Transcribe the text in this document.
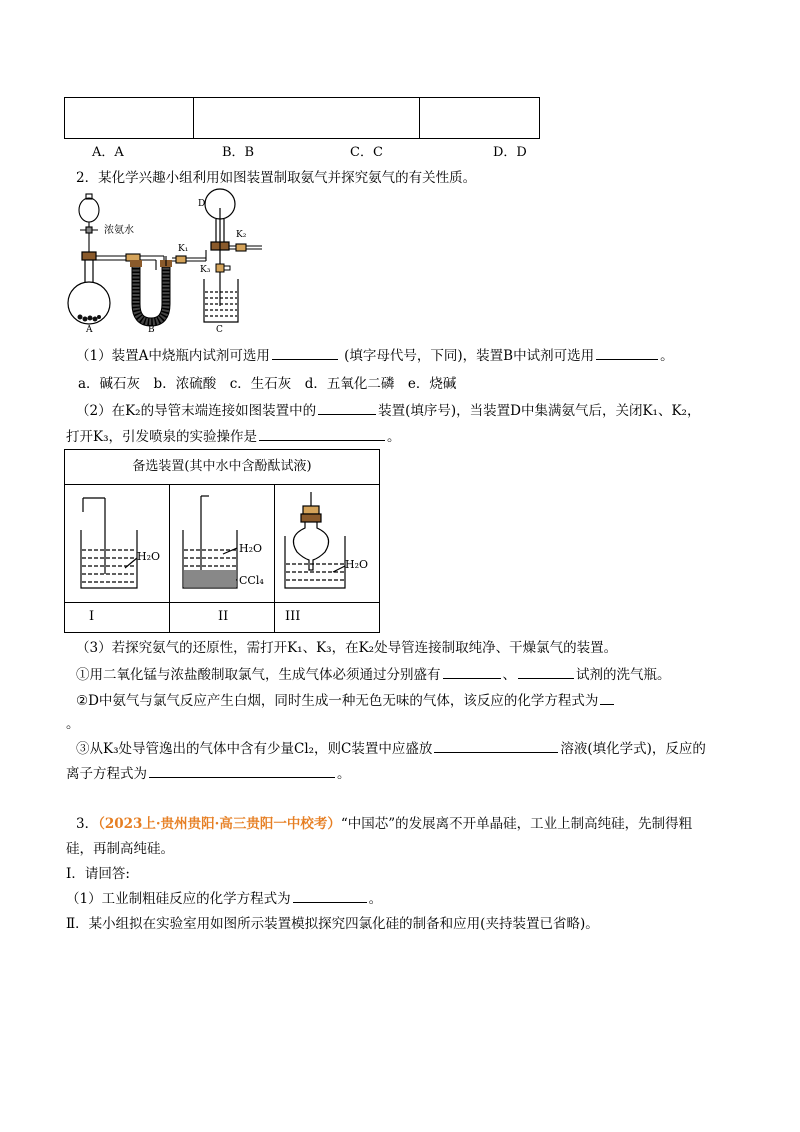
A．A	B．B	C．C	D．D
2．某化学兴趣小组利用如图装置制取氨气并探究氨气的有关性质。
浓氨水
K₁
D
K₂
K₃
A	B	C
（1）装置A中烧瓶内试剂可选用	(填字母代号，下同)，装置B中试剂可选用	。
a．碱石灰　b．浓硫酸　c．生石灰　d．五氧化二磷　e．烧碱
（2）在K₂的导管末端连接如图装置中的	装置(填序号)，当装置D中集满氨气后，关闭K₁、K₂，
打开K₃，引发喷泉的实验操作是	。
备选装置(其中水中含酚酞试液)
H₂O
H₂O
CCl₄
H₂O
I	II	III
（3）若探究氨气的还原性，需打开K₁、K₃，在K₂处导管连接制取纯净、干燥氯气的装置。
①用二氧化锰与浓盐酸制取氯气，生成气体必须通过分别盛有	、	试剂的洗气瓶。
②D中氨气与氯气反应产生白烟，同时生成一种无色无味的气体，该反应的化学方程式为
。
③从K₃处导管逸出的气体中含有少量Cl₂，则C装置中应盛放	溶液(填化学式)，反应的
离子方程式为	。
3．（2023上·贵州贵阳·高三贵阳一中校考）“中国芯”的发展离不开单晶硅，工业上制高纯硅，先制得粗
硅，再制高纯硅。
Ⅰ．请回答:
（1）工业制粗硅反应的化学方程式为	。
Ⅱ．某小组拟在实验室用如图所示装置模拟探究四氯化硅的制备和应用(夹持装置已省略)。
